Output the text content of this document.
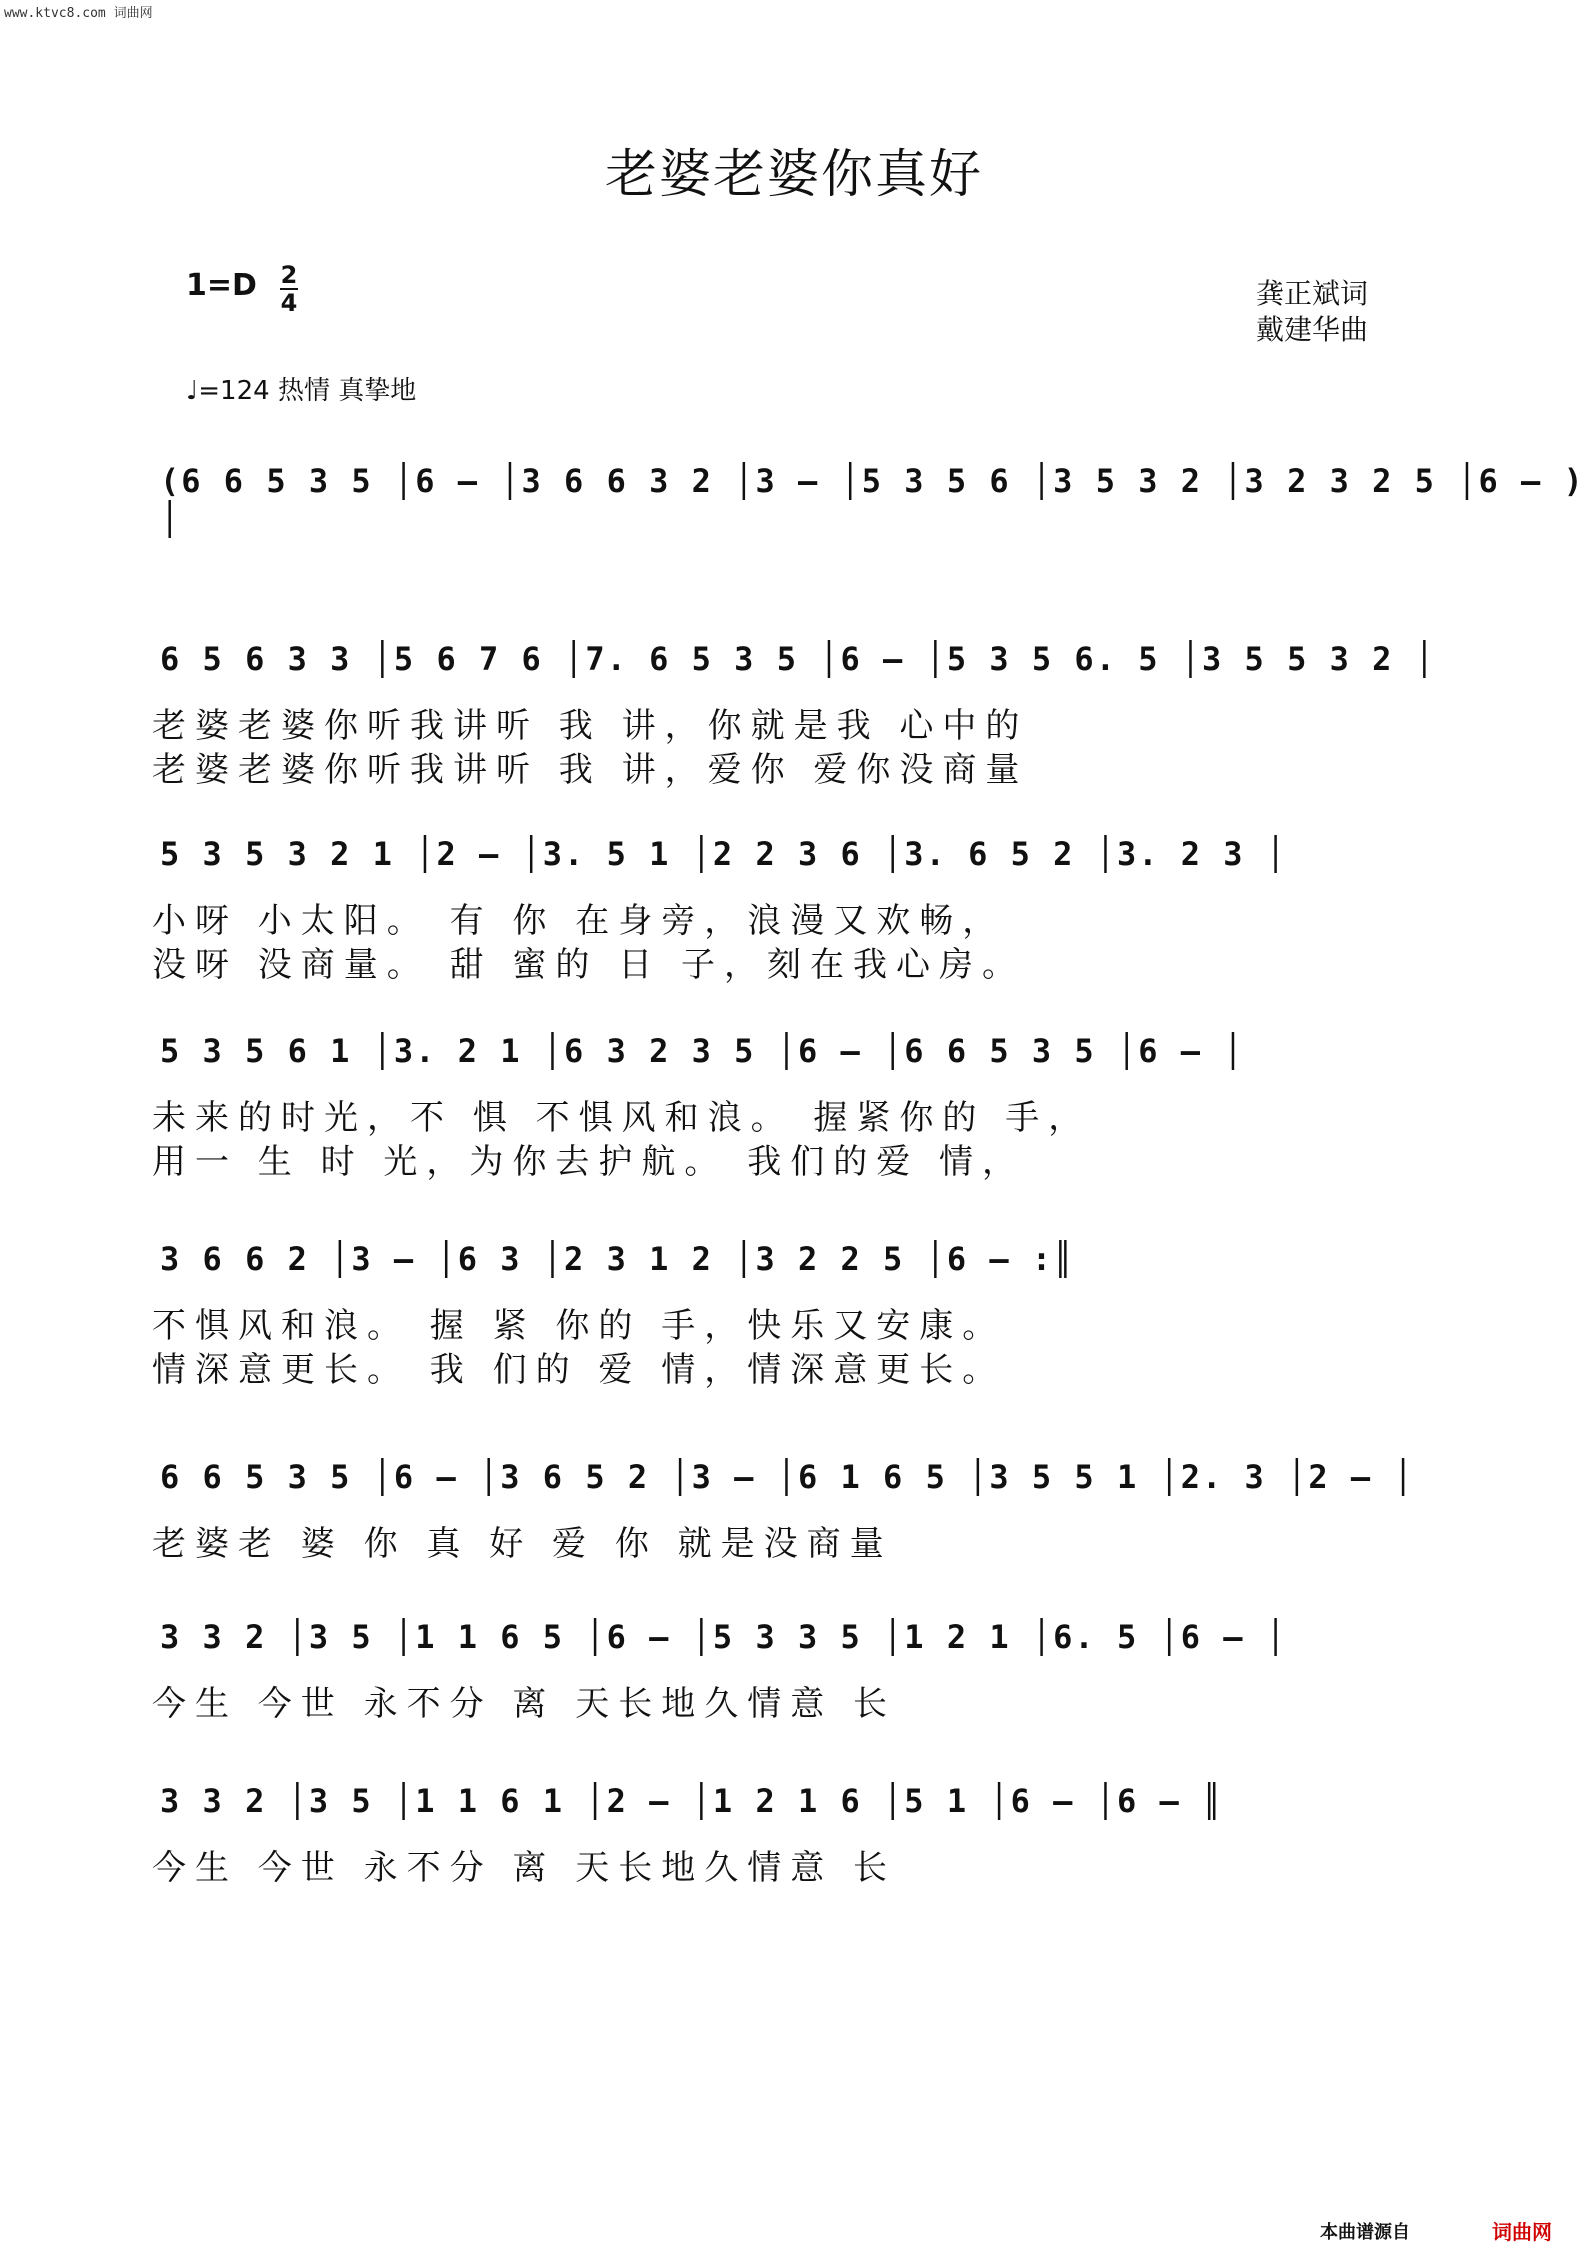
www.ktvc8.com 词曲网
老婆老婆你真好
1=D 2
4	龚正斌词
戴建华曲
♩=124 热情 真挚地
(6 6 5 3 5 │6 – │3 6 6 3 2 │3 – │5 3 5 6 │3 5 3 2 │3 2 3 2 5 │6 – ) │
6 5 6 3 3 │5 6 7 6 │7. 6 5 3 5 │6 – │5 3 5 6. 5 │3 5 5 3 2 │
老婆老婆你听我讲听 我 讲，你就是我 心中的
老婆老婆你听我讲听 我 讲，爱你 爱你没商量
5 3 5 3 2 1 │2 – │3. 5 1 │2 2 3 6 │3. 6 5 2 │3. 2 3 │
小呀 小太阳。 有 你 在身旁，浪漫又欢畅，
没呀 没商量。 甜 蜜的 日 子，刻在我心房。
5 3 5 6 1 │3. 2 1 │6 3 2 3 5 │6 – │6 6 5 3 5 │6 – │
未来的时光，不 惧 不惧风和浪。 握紧你的 手，
用一 生 时 光，为你去护航。 我们的爱 情，
3 6 6 2 │3 – │6 3 │2 3 1 2 │3 2 2 5 │6 – :║
不惧风和浪。 握 紧 你的 手，快乐又安康。
情深意更长。 我 们的 爱 情，情深意更长。
6 6 5 3 5 │6 – │3 6 5 2 │3 – │6 1 6 5 │3 5 5 1 │2. 3 │2 – │
老婆老 婆 你 真 好 爱 你 就是没商量
3 3 2 │3 5 │1 1 6 5 │6 – │5 3 3 5 │1 2 1 │6. 5 │6 – │
今生 今世 永不分 离 天长地久情意 长
3 3 2 │3 5 │1 1 6 1 │2 – │1 2 1 6 │5 1 │6 – │6 – ║
今生 今世 永不分 离 天长地久情意 长
本曲谱源自	词曲网
